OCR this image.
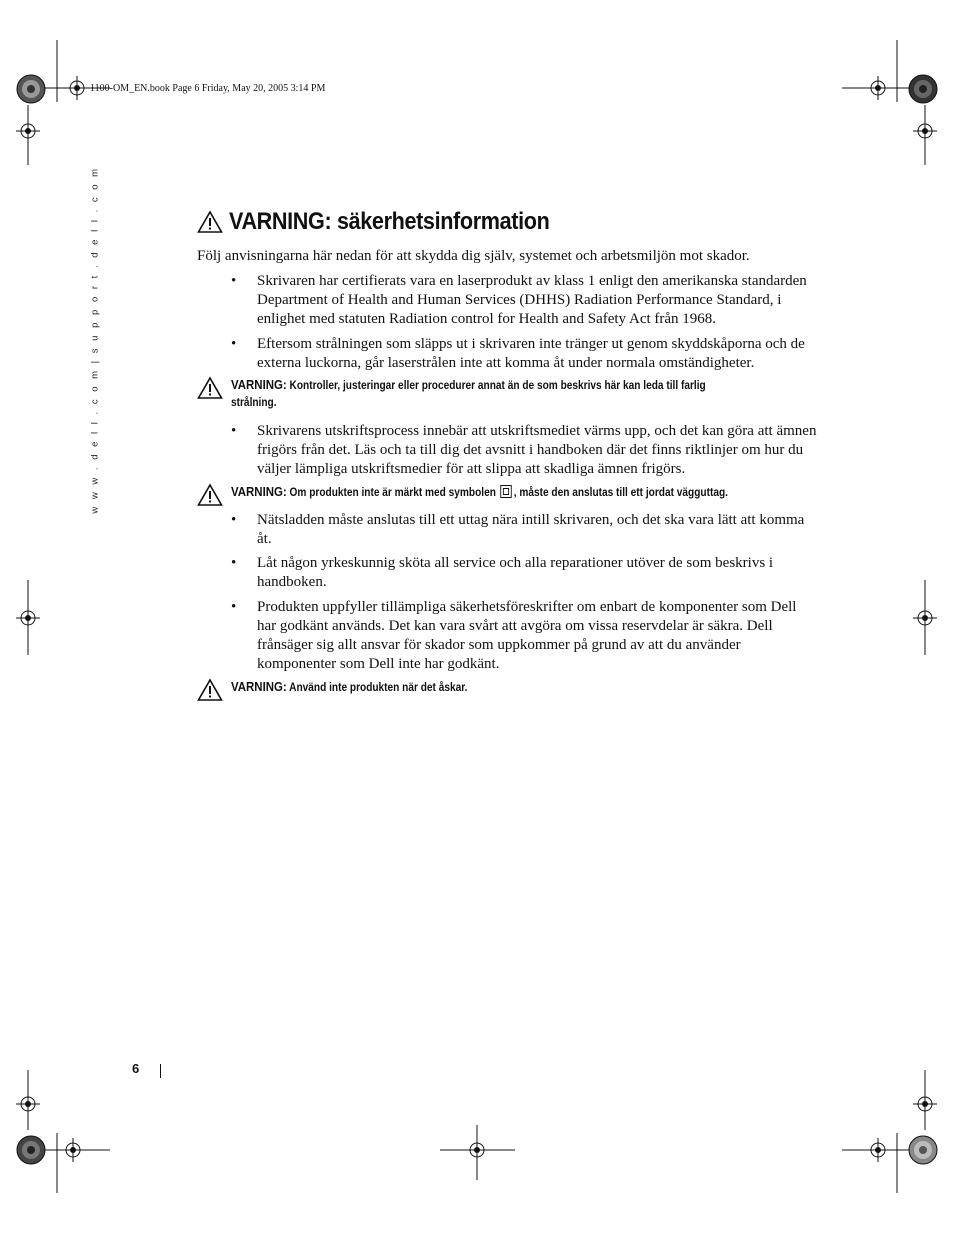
1100-OM_EN.book Page 6 Friday, May 20, 2005 3:14 PM
w w w . d e l l . c o m | s u p p o r t . d e l l . c o m	VARNING: säkerhetsinformation
Följ anvisningarna här nedan för att skydda dig själv, systemet och arbetsmiljön mot skador.
• Skrivaren har certifierats vara en laserprodukt av klass 1 enligt den amerikanska standarden Department of Health and Human Services (DHHS) Radiation Performance Standard, i enlighet med statuten Radiation control for Health and Safety Act från 1968.
• Eftersom strålningen som släpps ut i skrivaren inte tränger ut genom skyddskåporna och de externa luckorna, går laserstrålen inte att komma åt under normala omständigheter.
VARNING: Kontroller, justeringar eller procedurer annat än de som beskrivs här kan leda till farlig strålning.
• Skrivarens utskriftsprocess innebär att utskriftsmediet värms upp, och det kan göra att ämnen frigörs från det. Läs och ta till dig det avsnitt i handboken där det finns riktlinjer om hur du väljer lämpliga utskriftsmedier för att slippa att skadliga ämnen frigörs.
VARNING: Om produkten inte är märkt med symbolen , måste den anslutas till ett jordat vägguttag.
• Nätsladden måste anslutas till ett uttag nära intill skrivaren, och det ska vara lätt att komma åt.
• Låt någon yrkeskunnig sköta all service och alla reparationer utöver de som beskrivs i handboken.
• Produkten uppfyller tillämpliga säkerhetsföreskrifter om enbart de komponenter som Dell har godkänt används. Det kan vara svårt att avgöra om vissa reservdelar är säkra. Dell frånsäger sig allt ansvar för skador som uppkommer på grund av att du använder komponenter som Dell inte har godkänt.
VARNING: Använd inte produkten när det åskar.
6
